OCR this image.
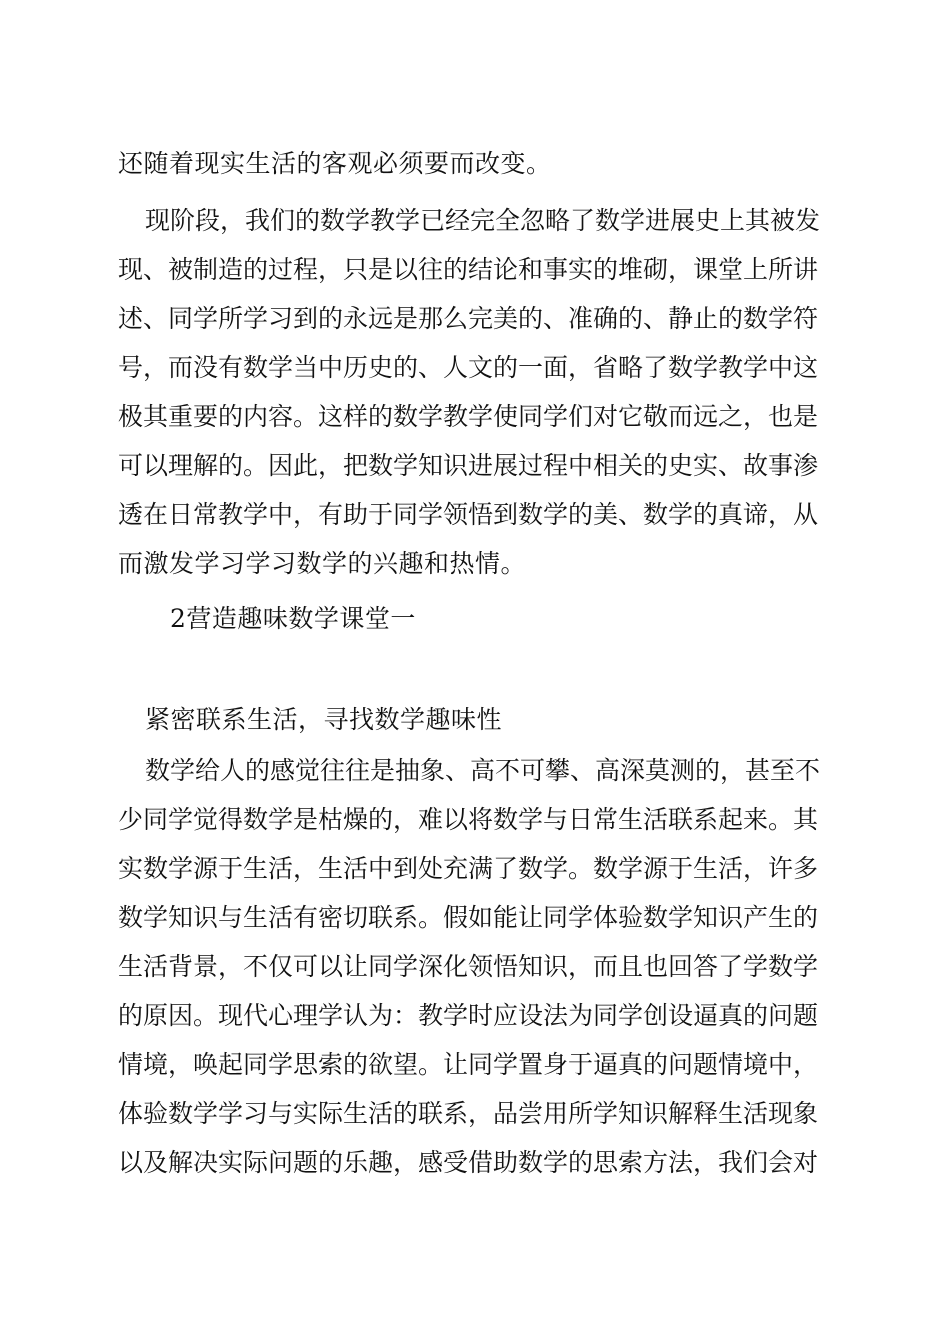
还随着现实生活的客观必须要而改变。
现阶段，我们的数学教学已经完全忽略了数学进展史上其被发
现、被制造的过程，只是以往的结论和事实的堆砌，课堂上所讲
述、同学所学习到的永远是那么完美的、准确的、静止的数学符
号，而没有数学当中历史的、人文的一面，省略了数学教学中这
极其重要的内容。这样的数学教学使同学们对它敬而远之，也是
可以理解的。因此，把数学知识进展过程中相关的史实、故事渗
透在日常教学中，有助于同学领悟到数学的美、数学的真谛，从
而激发学习学习数学的兴趣和热情。
2营造趣味数学课堂一
紧密联系生活，寻找数学趣味性
数学给人的感觉往往是抽象、高不可攀、高深莫测的，甚至不
少同学觉得数学是枯燥的，难以将数学与日常生活联系起来。其
实数学源于生活，生活中到处充满了数学。数学源于生活，许多
数学知识与生活有密切联系。假如能让同学体验数学知识产生的
生活背景，不仅可以让同学深化领悟知识，而且也回答了学数学
的原因。现代心理学认为：教学时应设法为同学创设逼真的问题
情境，唤起同学思索的欲望。让同学置身于逼真的问题情境中，
体验数学学习与实际生活的联系，品尝用所学知识解释生活现象
以及解决实际问题的乐趣，感受借助数学的思索方法，我们会对
